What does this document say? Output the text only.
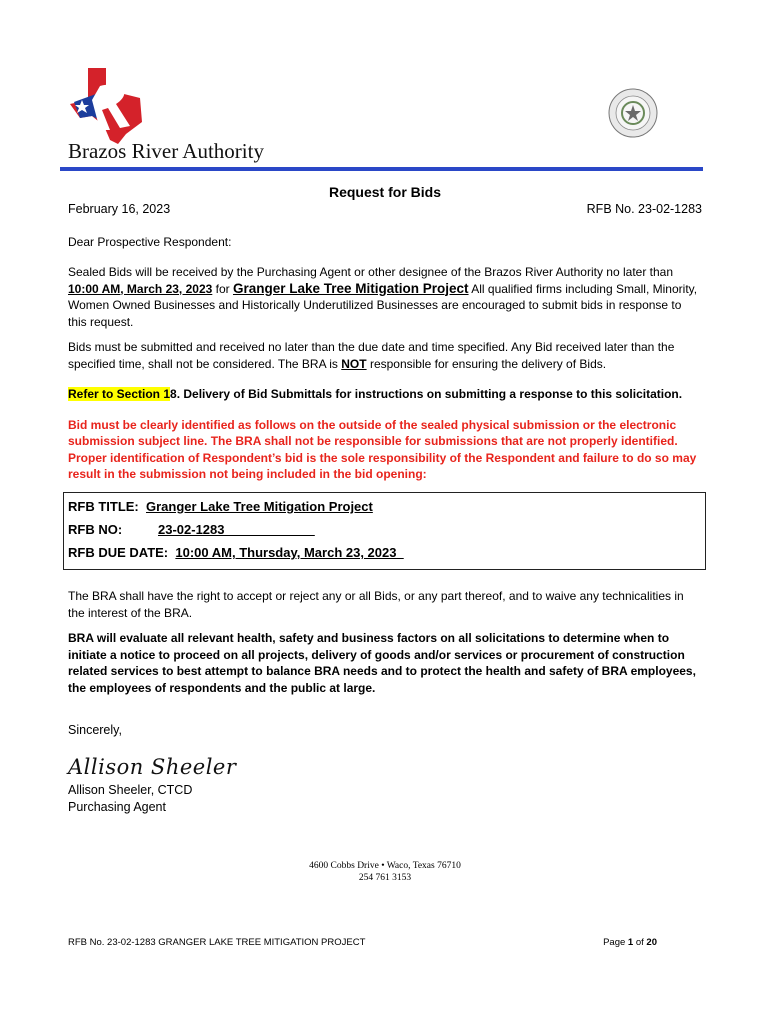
Brazos River Authority
Request for Bids
February 16, 2023	RFB No. 23-02-1283
Dear Prospective Respondent:
Sealed Bids will be received by the Purchasing Agent or other designee of the Brazos River Authority no later than 10:00 AM, March 23, 2023 for Granger Lake Tree Mitigation Project All qualified firms including Small, Minority, Women Owned Businesses and Historically Underutilized Businesses are encouraged to submit bids in response to this request.
Bids must be submitted and received no later than the due date and time specified. Any Bid received later than the specified time, shall not be considered. The BRA is NOT responsible for ensuring the delivery of Bids.
Refer to Section 18. Delivery of Bid Submittals for instructions on submitting a response to this solicitation.
Bid must be clearly identified as follows on the outside of the sealed physical submission or the electronic submission subject line. The BRA shall not be responsible for submissions that are not properly identified. Proper identification of Respondent’s bid is the sole responsibility of the Respondent and failure to do so may result in the submission not being included in the bid opening:
RFB TITLE: Granger Lake Tree Mitigation Project
RFB NO:	23-02-1283
RFB DUE DATE: 10:00 AM, Thursday, March 23, 2023
The BRA shall have the right to accept or reject any or all Bids, or any part thereof, and to waive any technicalities in the interest of the BRA.
BRA will evaluate all relevant health, safety and business factors on all solicitations to determine when to initiate a notice to proceed on all projects, delivery of goods and/or services or procurement of construction related services to best attempt to balance BRA needs and to protect the health and safety of BRA employees, the employees of respondents and the public at large.
Sincerely,
Allison Sheeler
Allison Sheeler, CTCD
Purchasing Agent
4600 Cobbs Drive • Waco, Texas 76710
254 761 3153
RFB No. 23-02-1283 GRANGER LAKE TREE MITIGATION PROJECT	Page 1 of 20
